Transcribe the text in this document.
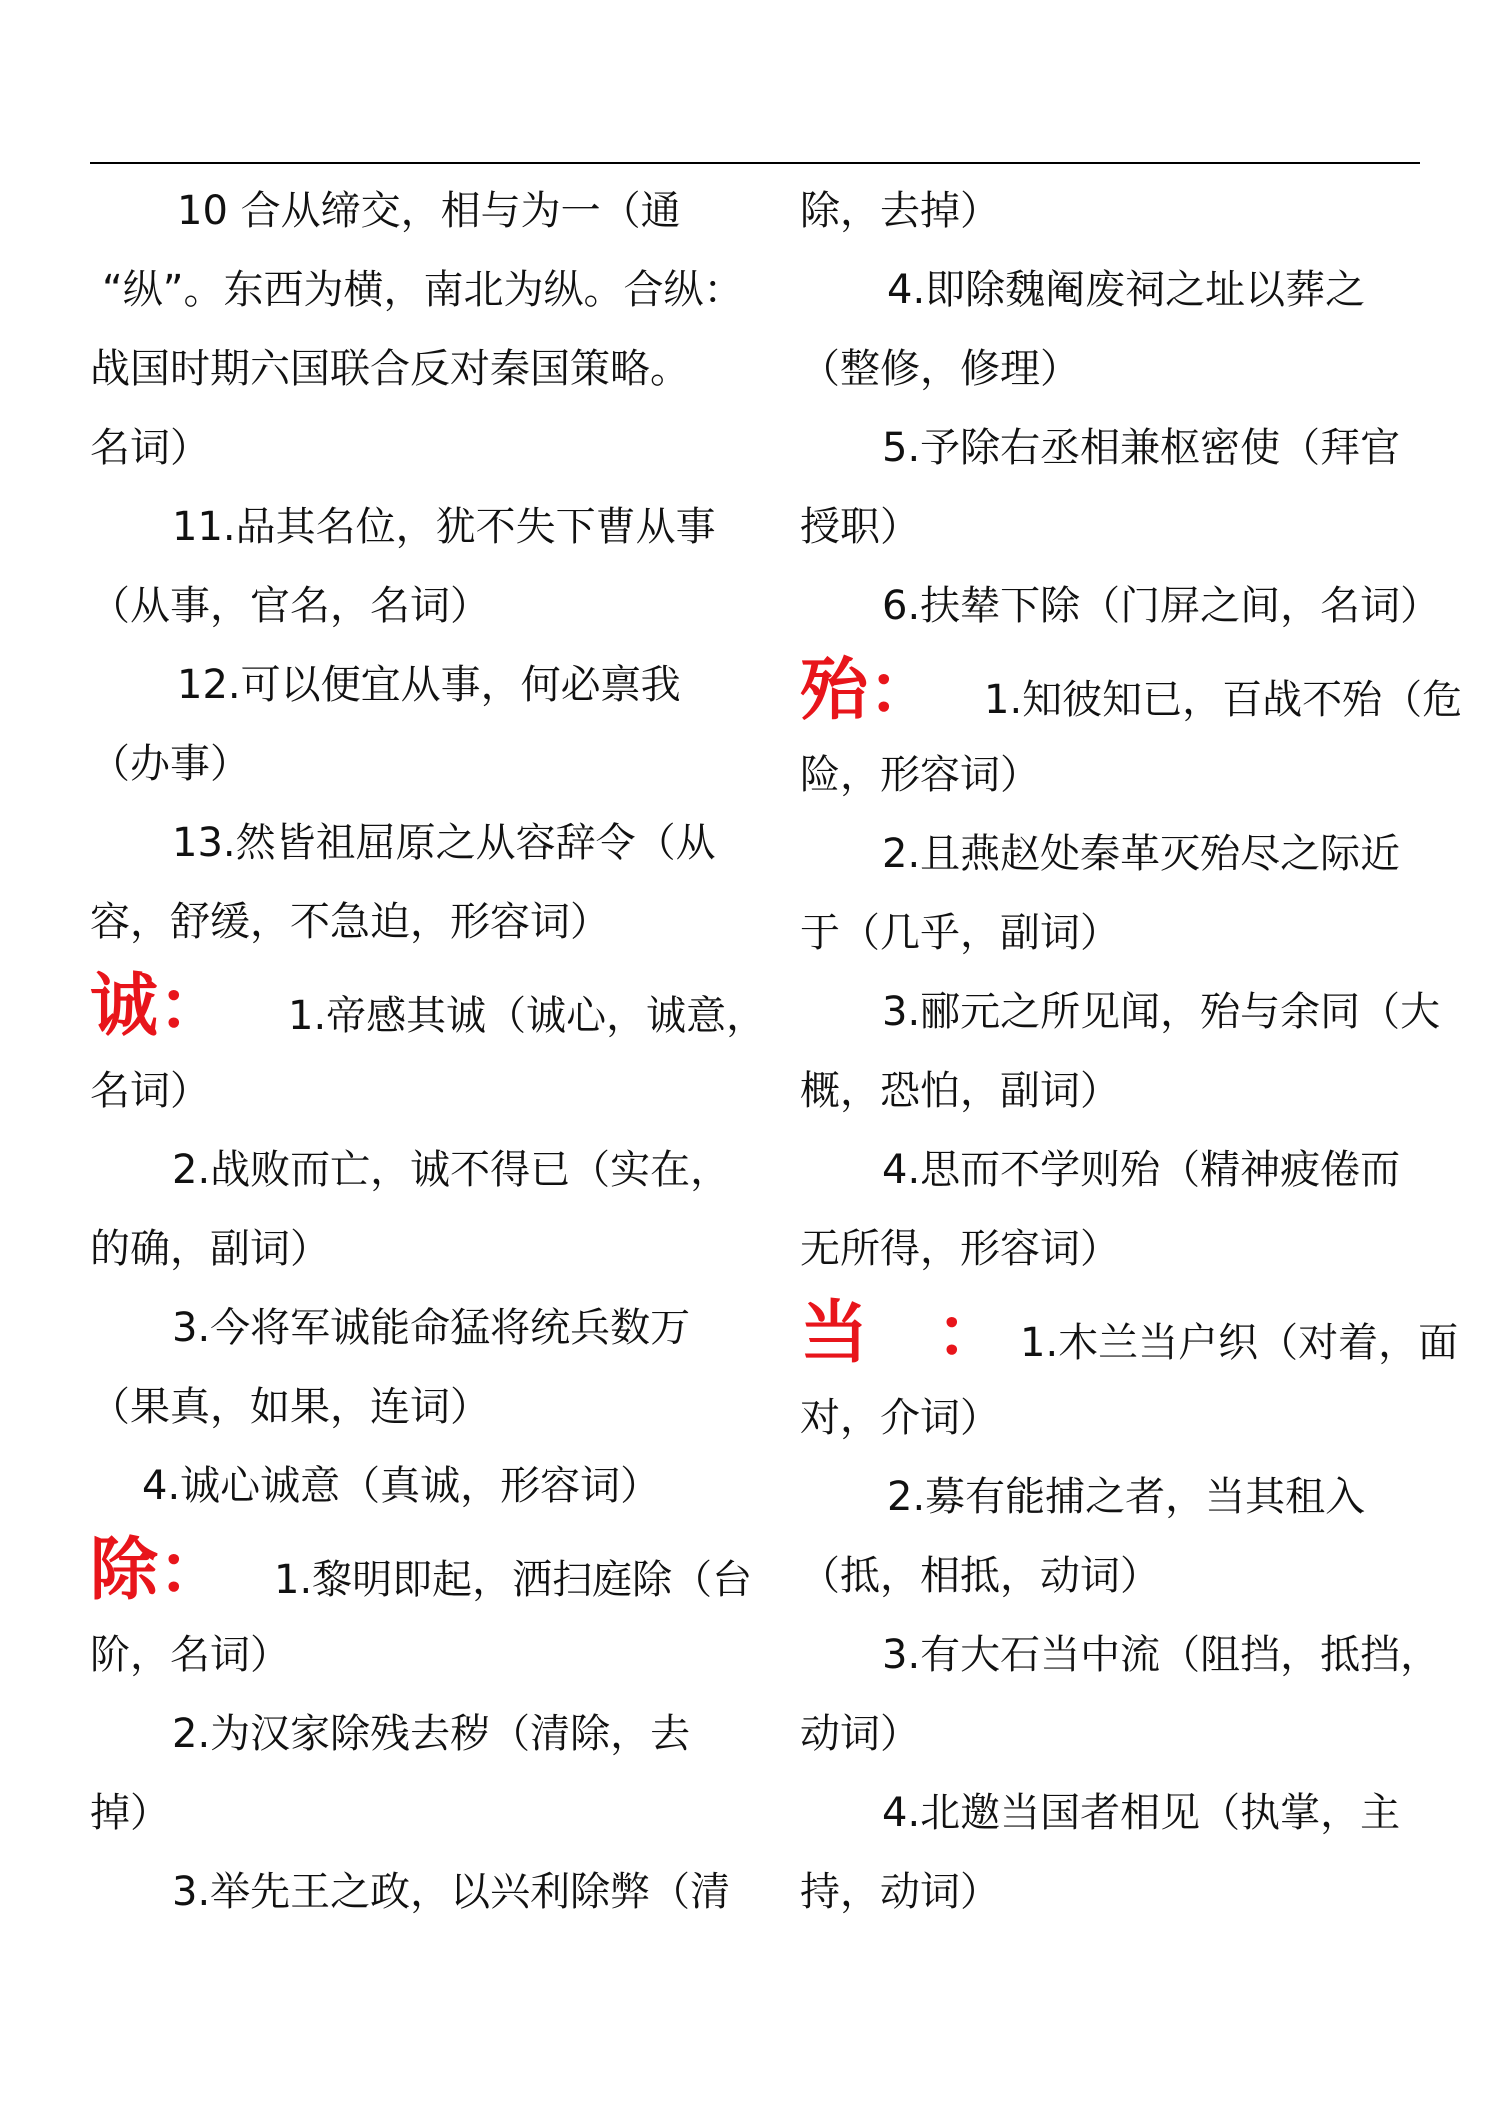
10 合从缔交，相与为一（通
“纵”。东西为横，南北为纵。合纵：
战国时期六国联合反对秦国策略。
名词）
11.品其名位，犹不失下曹从事
（从事，官名，名词）
12.可以便宜从事，何必禀我
（办事）
13.然皆祖屈原之从容辞令（从
容，舒缓，不急迫，形容词）
诚： 1.帝感其诚（诚心，诚意，
名词）
2.战败而亡，诚不得已（实在，
的确，副词）
3.今将军诚能命猛将统兵数万
（果真，如果，连词）
4.诚心诚意（真诚，形容词）
除： 1.黎明即起，洒扫庭除（台
阶，名词）
2.为汉家除残去秽（清除，去
掉）
3.举先王之政，以兴利除弊（清
除，去掉）
4.即除魏阉废祠之址以葬之
（整修，修理）
5.予除右丞相兼枢密使（拜官
授职）
6.扶辇下除（门屏之间，名词）
殆： 1.知彼知已，百战不殆（危
险，形容词）
2.且燕赵处秦革灭殆尽之际近
于（几乎，副词）
3.郦元之所见闻，殆与余同（大
概，恐怕，副词）
4.思而不学则殆（精神疲倦而
无所得，形容词）
当　： 1.木兰当户织（对着，面
对，介词）
2.募有能捕之者，当其租入
（抵，相抵，动词）
3.有大石当中流（阻挡，抵挡，
动词）
4.北邀当国者相见（执掌，主
持，动词）
